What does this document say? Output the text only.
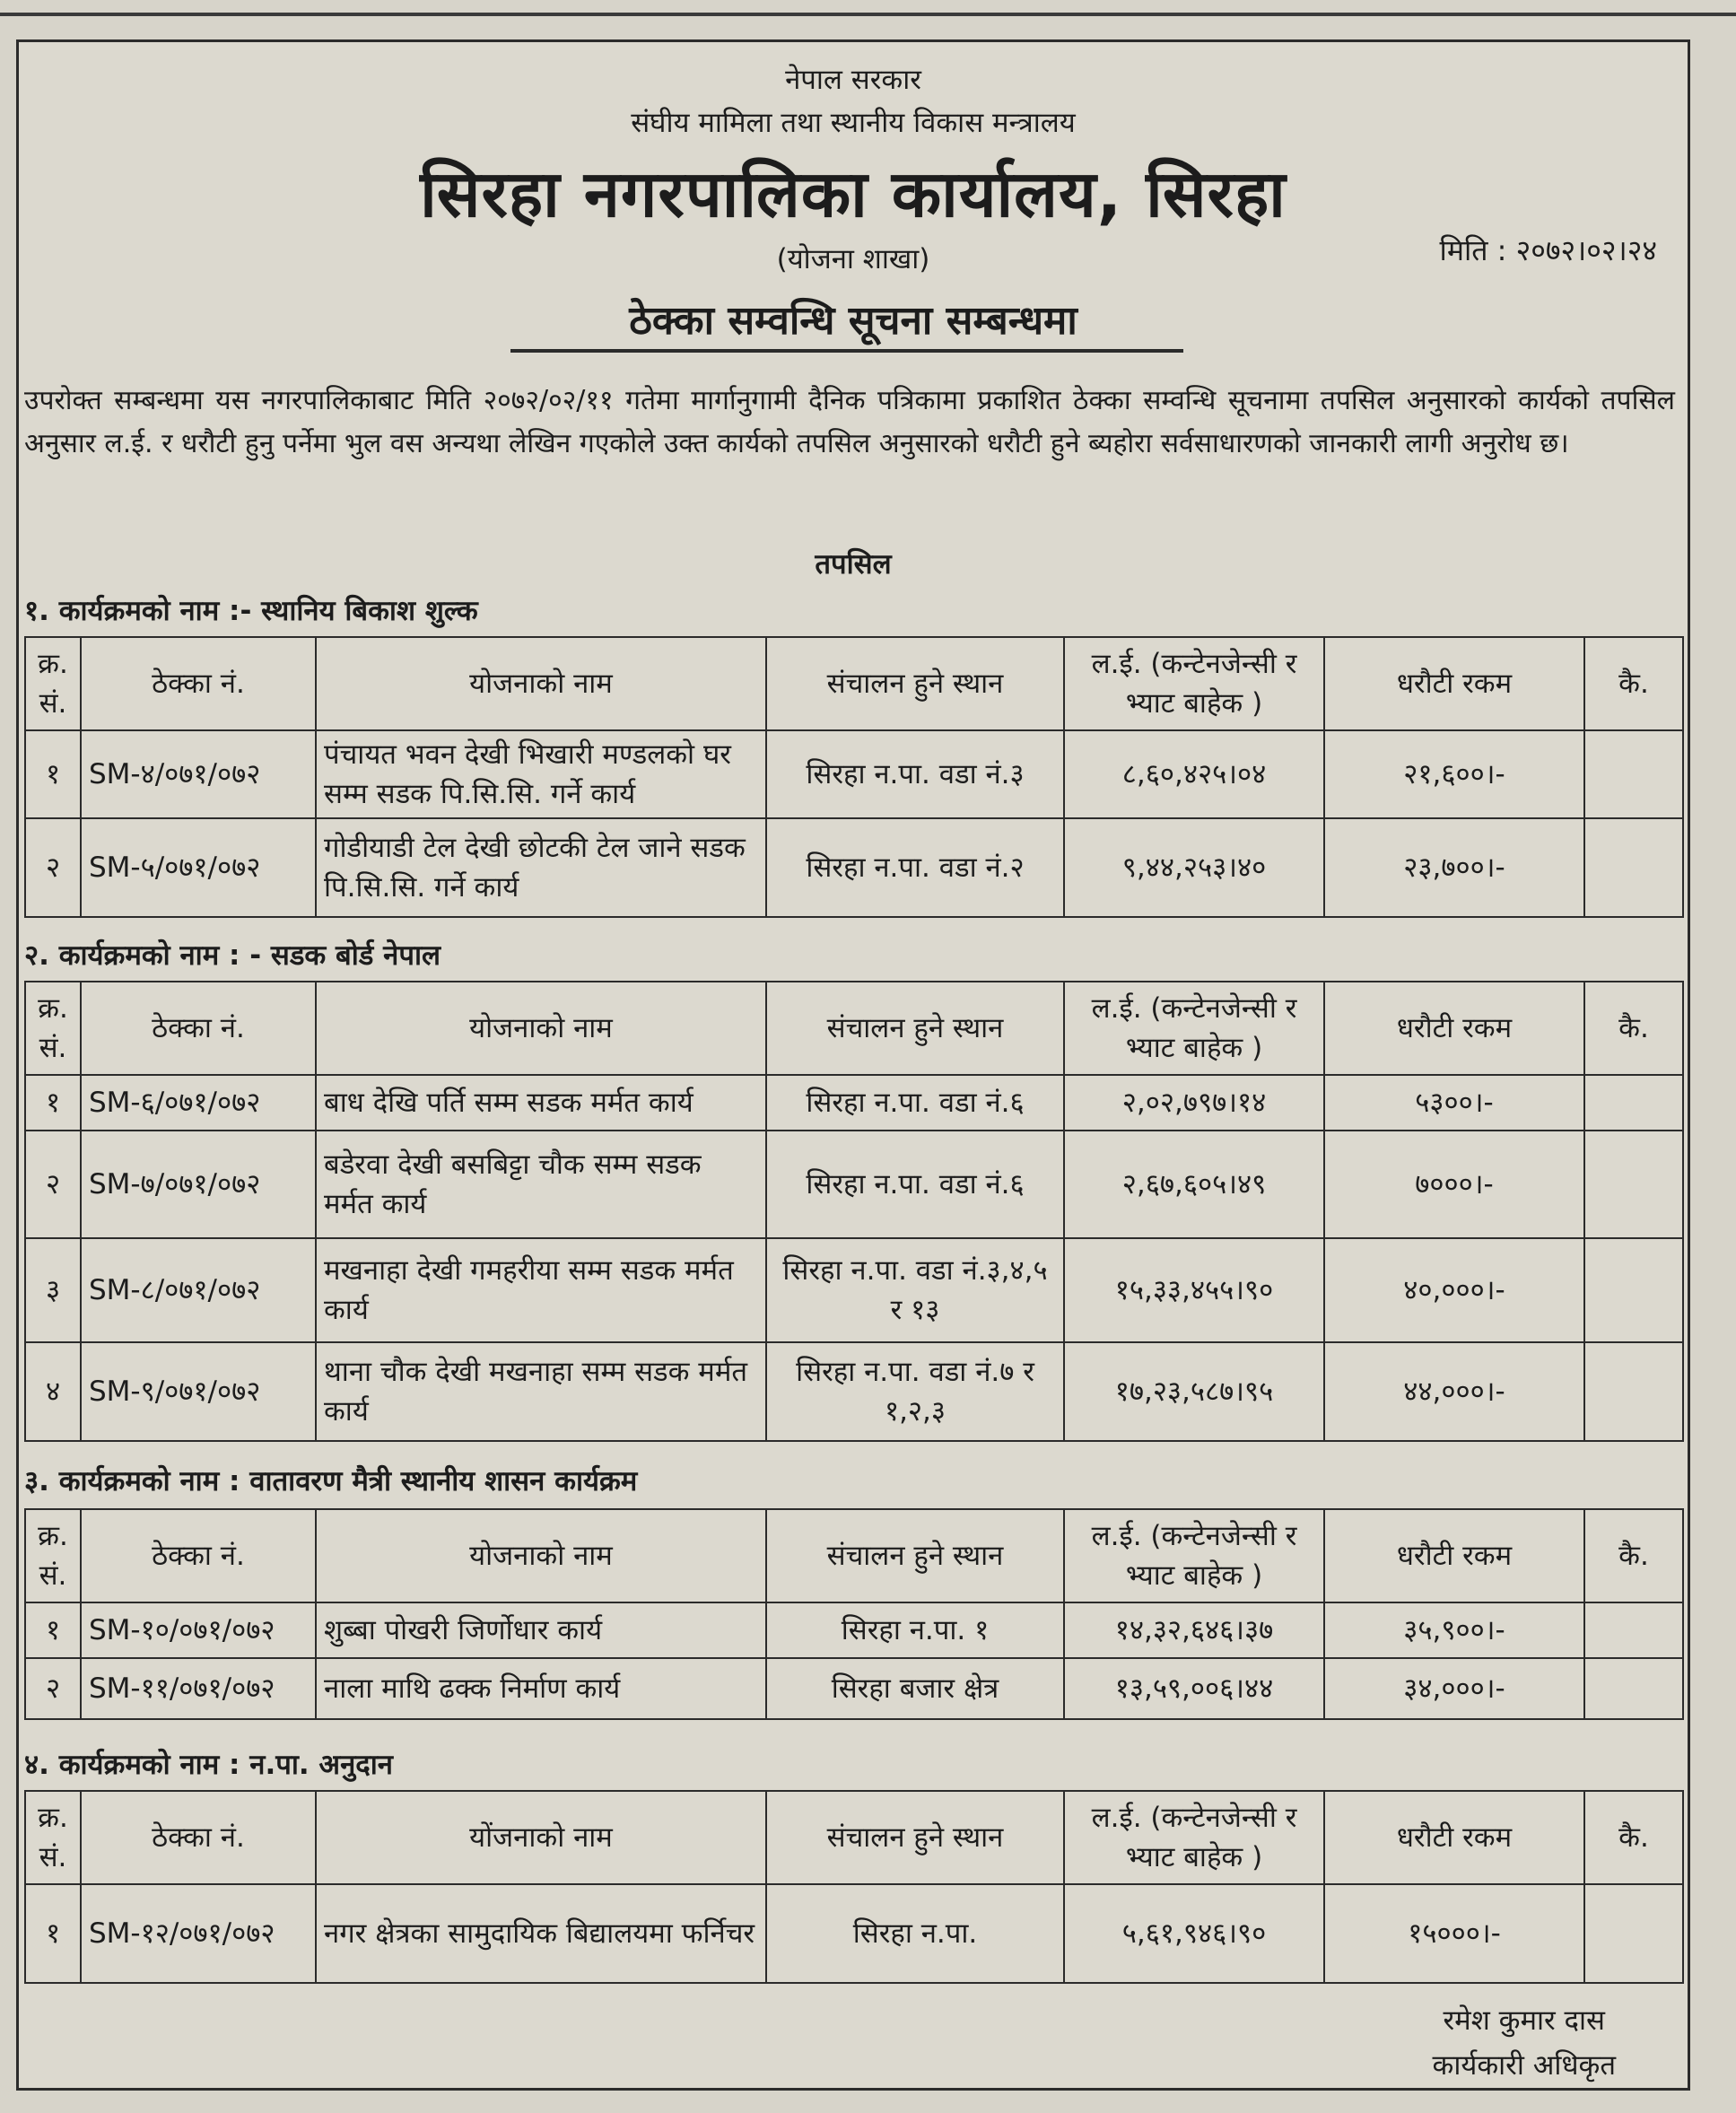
नेपाल सरकार

संघीय मामिला तथा स्थानीय विकास मन्त्रालय

सिरहा नगरपालिका कार्यालय, सिरहा

(योजना शाखा)	मिति : २०७२।०२।२४

ठेक्का सम्वन्धि सूचना सम्बन्धमा

उपरोक्त सम्बन्धमा यस नगरपालिकाबाट मिति २०७२/०२/११ गतेमा मार्गानुगामी दैनिक पत्रिकामा प्रकाशित ठेक्का सम्वन्धि सूचनामा तपसिल अनुसारको कार्यको तपसिल अनुसार ल.ई. र धरौटी हुनु पर्नेमा भुल वस अन्यथा लेखिन गएकोले उक्त कार्यको तपसिल अनुसारको धरौटी हुने ब्यहोरा सर्वसाधारणको जानकारी लागी अनुरोध छ।
तपसिल
१. कार्यक्रमको नाम :- स्थानिय बिकाश शुल्क
क्र. सं.	ठेक्का नं.	योजनाको नाम	संचालन हुने स्थान	ल.ई. (कन्टेनजेन्सी र भ्याट बाहेक )	धरौटी रकम	कै.
१	SM-४/०७१/०७२	पंचायत भवन देखी भिखारी मण्डलको घर सम्म सडक पि.सि.सि. गर्ने कार्य	सिरहा न.पा. वडा नं.३	८,६०,४२५।०४	२१,६००।-	
२	SM-५/०७१/०७२	गोडीयाडी टेल देखी छोटकी टेल जाने सडक पि.सि.सि. गर्ने कार्य	सिरहा न.पा. वडा नं.२	९,४४,२५३।४०	२३,७००।-	
२. कार्यक्रमको नाम : - सडक बोर्ड नेपाल
क्र. सं.	ठेक्का नं.	योजनाको नाम	संचालन हुने स्थान	ल.ई. (कन्टेनजेन्सी र भ्याट बाहेक )	धरौटी रकम	कै.
१	SM-६/०७१/०७२	बाध देखि पर्ति सम्म सडक मर्मत कार्य	सिरहा न.पा. वडा नं.६	२,०२,७९७।१४	५३००।-	
२	SM-७/०७१/०७२	बडेरवा देखी बसबिट्टा चौक सम्म सडक मर्मत कार्य	सिरहा न.पा. वडा नं.६	२,६७,६०५।४९	७०००।-	
३	SM-८/०७१/०७२	मखनाहा देखी गमहरीया सम्म सडक मर्मत कार्य	सिरहा न.पा. वडा नं.३,४,५ र १३	१५,३३,४५५।९०	४०,०००।-	
४	SM-९/०७१/०७२	थाना चौक देखी मखनाहा सम्म सडक मर्मत कार्य	सिरहा न.पा. वडा नं.७ र १,२,३	१७,२३,५८७।९५	४४,०००।-	
३. कार्यक्रमको नाम : वातावरण मैत्री स्थानीय शासन कार्यक्रम
क्र. सं.	ठेक्का नं.	योजनाको नाम	संचालन हुने स्थान	ल.ई. (कन्टेनजेन्सी र भ्याट बाहेक )	धरौटी रकम	कै.
१	SM-१०/०७१/०७२	शुब्बा पोखरी जिर्णोधार कार्य	सिरहा न.पा. १	१४,३२,६४६।३७	३५,९००।-	
२	SM-११/०७१/०७२	नाला माथि ढक्क निर्माण कार्य	सिरहा बजार क्षेत्र	१३,५९,००६।४४	३४,०००।-	
४. कार्यक्रमको नाम : न.पा. अनुदान
क्र. सं.	ठेक्का नं.	योंजनाको नाम	संचालन हुने स्थान	ल.ई. (कन्टेनजेन्सी र भ्याट बाहेक )	धरौटी रकम	कै.
१	SM-१२/०७१/०७२	नगर क्षेत्रका सामुदायिक बिद्यालयमा फर्निचर	सिरहा न.पा.	५,६१,९४६।९०	१५०००।-	
रमेश कुमार दास
कार्यकारी अधिकृत
